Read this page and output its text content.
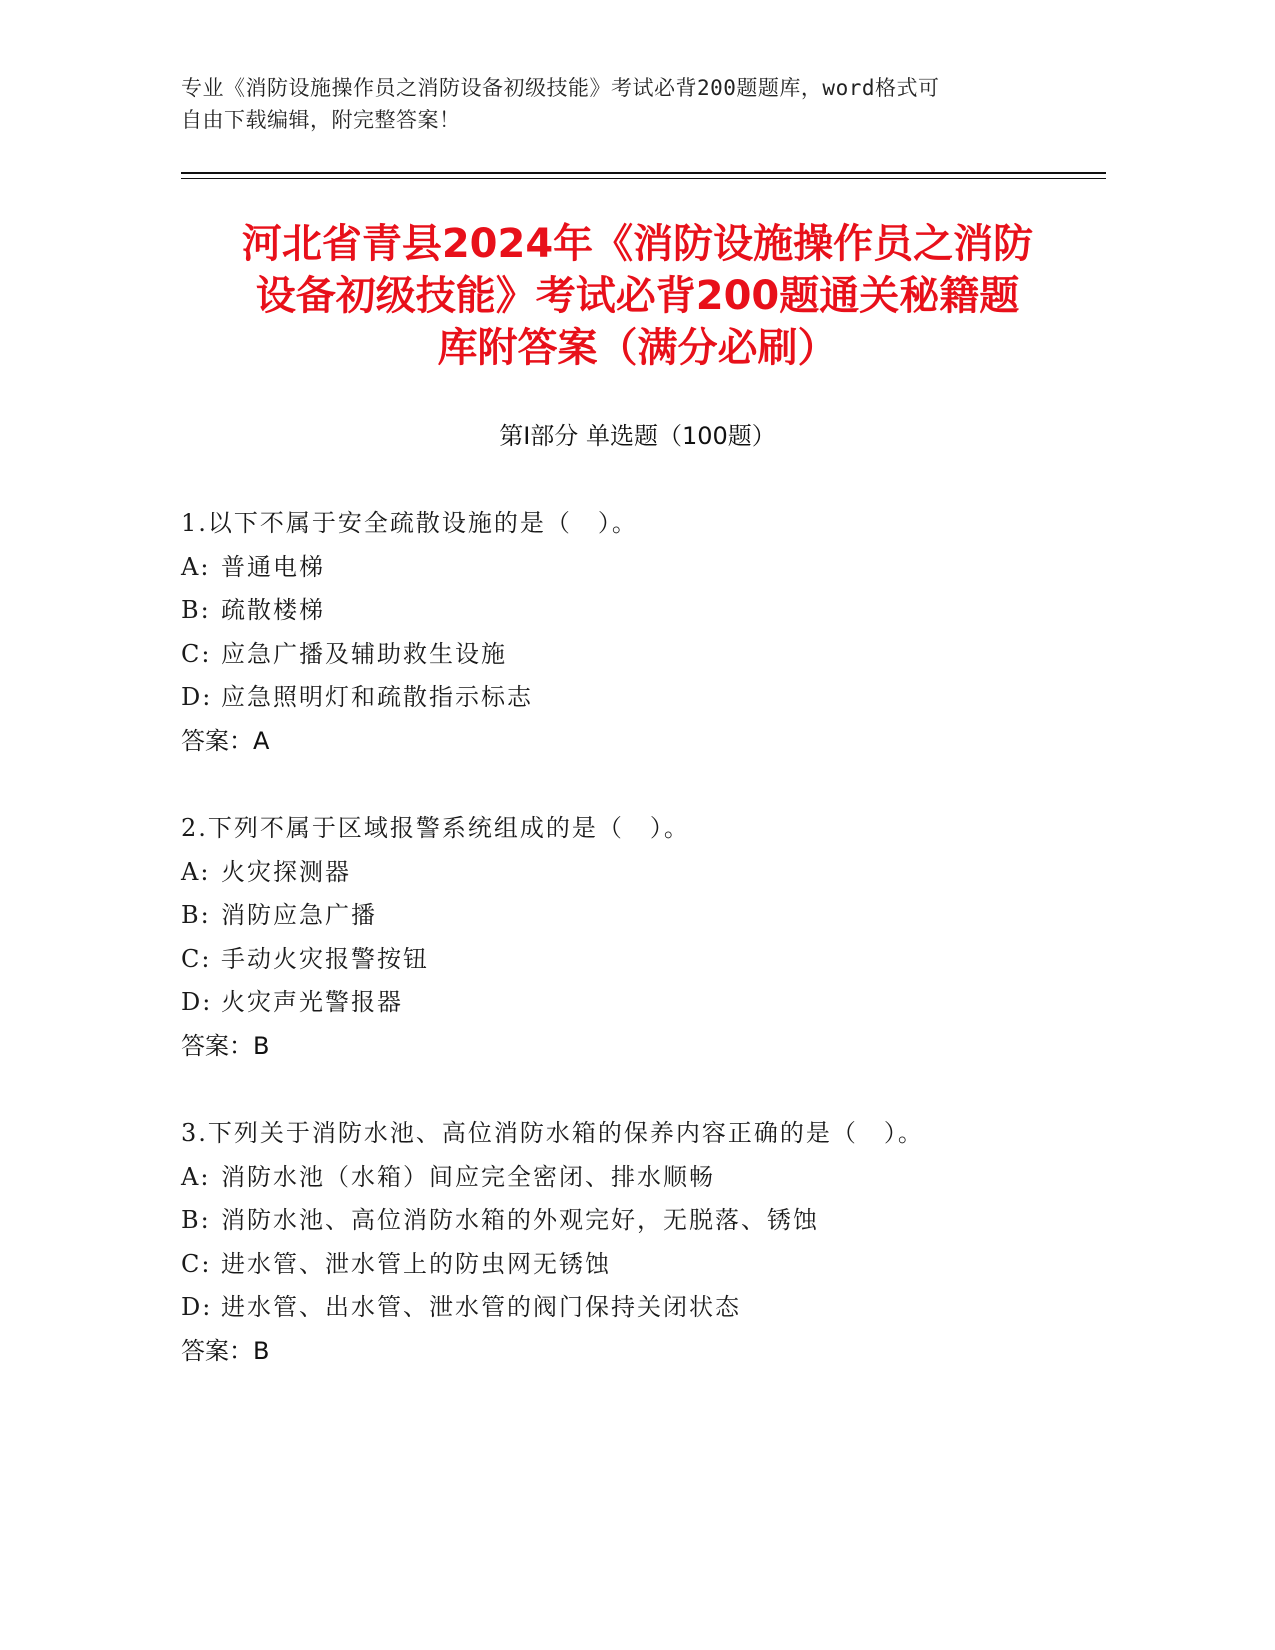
专业《消防设施操作员之消防设备初级技能》考试必背200题题库，word格式可
自由下载编辑，附完整答案！
河北省青县2024年《消防设施操作员之消防
设备初级技能》考试必背200题通关秘籍题
库附答案（满分必刷）
第Ⅰ部分 单选题（100题）
1.以下不属于安全疏散设施的是（　）。
A: 普通电梯
B: 疏散楼梯
C: 应急广播及辅助救生设施
D: 应急照明灯和疏散指示标志
答案：A
2.下列不属于区域报警系统组成的是（　）。
A: 火灾探测器
B: 消防应急广播
C: 手动火灾报警按钮
D: 火灾声光警报器
答案：B
3.下列关于消防水池、高位消防水箱的保养内容正确的是（　）。
A: 消防水池（水箱）间应完全密闭、排水顺畅
B: 消防水池、高位消防水箱的外观完好，无脱落、锈蚀
C: 进水管、泄水管上的防虫网无锈蚀
D: 进水管、出水管、泄水管的阀门保持关闭状态
答案：B
